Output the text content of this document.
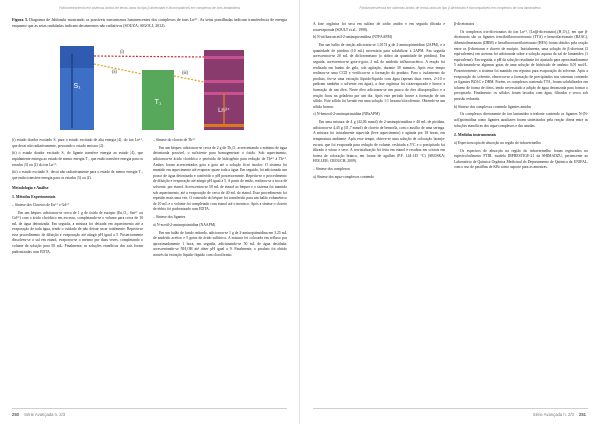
Fotoluminescência em sistemas ácidos de terras-raras do tipo β-dicetonato e biocompatíveis em complexos de íons lantanídeos
Figura 3. Diagrama de Jablonski mostrando os possíveis mecanismos luminescentes dos complexos de íons Ln³⁺. As setas pontilhadas indicam transferência de energia enquanto que as setas onduladas indicam decaimentos não radiativos (SOUZA; SIGOLI, 2012).
S₁
T₁
Ln³⁺
(i)
(ii)	(iii)

(i) estado doador excitado S₁ para o estado excitado de alta energia |4⟩, do íon Ln³⁺, que decai não radiativamente, povoando o estado emissor |2⟩.

(ii) o estado doador excitado S₁ do ligante transfere energia ao estado |4⟩, que rapidamente entrega ao estado de menor energia T₁, que então transfere energia para os estados |3⟩ ou |2⟩ do íon Ln³⁺.

(iii) o estado excitado S₁ decai não radiativamente para o estado de menor energia T₁, que então transfere energia para os estados |3⟩ ou |2⟩.

Metodologia e Análise
1. Métodos Experimentais

– Síntese dos Cloretos de Eu³⁺ e Gd³⁺

Em um béquer, adicionou-se cerca de 1 g de óxido de európio (Eu₂O₃, Sm³⁺ ou Gd³⁺) com o ácido clorídrico em excesso, completando-se o volume para cerca de 10 mL de água deionizada. Em seguida, a mistura foi deixada em aquecimento até a evaporação de toda água, tendo o cuidado de não deixar secar totalmente. Repetiu-se esse procedimento de diluição e evaporação até atingir pH igual a 5. Posteriormente dissolveu-se o sal em etanol, evaporou-se o mesmo por duas vezes, completando o volume da solução para 50 mL. Finalmente, as soluções etanólicas dos sais foram padronizadas com EDTA.

– Síntese do cloreto de Tb³⁺

Em um béquer, adicionou-se cerca de 2 g de Tb₄O₇ acrescentando o mínimo de água deionizada possível, o suficiente para homogeneizar o óxido. Sob aquecimento, adicionou-se ácido clorídrico e peróxido de hidrogênio para redução de Tb⁴⁺ à Tb³⁺. Ambos foram acrescentados gota a gota até a solução ficar incolor. O sistema foi mantido em aquecimento até evaporar quase toda a água. Em seguida, foi adicionado um pouco de água deionizada e conferido o pH posteriormente. Repetiu-se o procedimento de diluição e evaporação até atingir pH igual a 5. A partir de então, realizou-se a troca de solvente, por etanol. Acrescentou-se 50 mL de etanol ao béquer e o sistema foi mantido sob aquecimento, até a evaporação de cerca de 40 mL do etanol. Esse procedimento foi repetido mais uma vez. O conteúdo do béquer foi transferido para um balão volumétrico de 10 mL e o volume foi completado com etanol até o menisco. Após a síntese o cloreto de térbio foi padronizado com EDTA.

– Síntese dos ligantes

a) N-acetil-2-aminopirimidina (NAAPM)

Em um balão de fundo redondo, adicionou-se 1 g de 2-aminopirimidina em 3,25 mL de anidrido acético e 5 gotas de ácido sulfúrico. A mistura foi colocada em refluxo por aproximadamente 1 hora, em seguida, adicionando-se 50 mL de água destilada, acrescentando-se NH₄OH até obter pH igual a 9. Finalmente, o produto foi obtido através da extração líquido-líquido com clorofórmio.

250 Série Avançada n. 2/3
Fotoluminescência em sistemas ácidos de terras-raras do tipo β-dicetonato e biocompatíveis em complexos de íons lantanídeos

A fase orgânica foi seca em sulfato de sódio anidro e em seguida filtrada e rotaevaporada (SOULT et al., 1998).

b) N-trifluoroacetil-2-aminopirimidina (NTFAAPM)

Em um balão de reação adicionou-se 1,0174 g de 2-aminopirimidina (2APM), e a quantidade de piridina (10 mL) necessária para solubilizar a 2APM. Em seguida acrescentou-se 20 mL de diclorometano (o dobro da quantidade de piridina). Em seguida, acrescentou-se gota-a-gota, 2 mL do anidrido trifluoroacético. A reação foi realizada em banho de gelo, sob agitação, durante 30 minutos. Após esse tempo realizou-se uma CCD e verificou-se a formação do produto. Para o isolamento do produto, fez-se uma extração líquido-líquido com água (apenas duas vezes, 2×10 e pediram também o solvente em água), a fase orgânica foi rotaevaporada e houve a formação de um óleo. Neste óleo adicionou-se um pouco de éter diisopropílico e a reação ficou na geladeira por um dia. Após este período houve a formação de um sólido. Este sólido foi lavado em uma solução 1:1 hexano/clorofórmio. Obtendo-se um sólido branco.

c) N-benzoil-2-aminopirimidina (NBzAPM)

Em uma mistura de 4 g (42,06 mmol) de 2-aminopirimidina e 40 mL de piridina, adicionou-se 4,45 g (31,7 mmol) de cloreto de benzoíla, com o auxílio de uma seringa. A mistura foi inicialmente aquecida (leve aquecimento) e agitada por 18 horas, em temperatura ambiente. Após esse tempo, obteve-se uma solução de coloração laranja-escura, que foi evaporada para redução de volume, resfriada a 5°C e o precipitado foi filtrado à vácuo e seco. A recristalização foi feita em etanol e resultou em cristais em forma de coloração branca, em forma de agulhas (P.F. 144-145 °C) (SROSKA; HOLLER; CROUCH, 2009).

– Síntese dos complexos

a) Síntese dos aqua-complexos contendo

β-dicetonatos

Os complexos tris-dicetonatos do íon Ln³⁺, [Ln(β-dicetonato)₃(H₂O)₂], em que β-dicetonato são os ligantes tenoiltrifluoroacetonato (TTA) e benzoilacetonato (BZAC), dibenzoilmetanato (DBM) e hexafluoroacetilacetonato (HFA) foram obtidos pela reação entre os β-dicetonas e cloreto de európio. Inicialmente, uma solução de β-dicetona (3 equivalentes) em acetona foi adicionada sobre a solução aquosa do sal de lantanídeo (1 equivalente). Em seguida, o pH da solução resultante foi ajustado para aproximadamente 5 adicionando-se algumas gotas de uma solução de hidróxido de amônio 0,01 mol/L. Posteriormente, o sistema foi mantido em repouso para evaporação do solvente. Após a evaporação do solvente, observou-se a formação de precipitados nos sistemas contendo os ligantes BZAC e DBM. Porém, os complexos contendo TTA, foram solubilizados em tolueno de forma de óleos, tendo necessitado a adição de água deionizada para formar o precipitado. Finalmente, os sólidos foram lavados com água, filtrados e secos sob pressão reduzida.

b) Síntese dos complexos contendo ligantes amidas

Os complexos diretamente de íon lantanídeo trivalente contendo os ligantes N-(N-acil)pirimidina como ligantes auxiliares foram sintetizados pela reação direta entre as soluções etanólicas dos aqua-complexos e das amidas.

2. Medidas instrumentais

a) Espectroscopia de absorção na região do infravermelho

Os espectros de absorção na região do infravermelho foram registrados no espectrofotômetro FTIR, modelo IRPRESTIGE-21 da SHIMADZU, pertencente ao Laboratório de Química Orgânica Medicinal do Departamento de Química da UNIFAL, com o uso de pastilhas de KBr como suporte para as amostras.

Série Avançada n. 2/3 251
